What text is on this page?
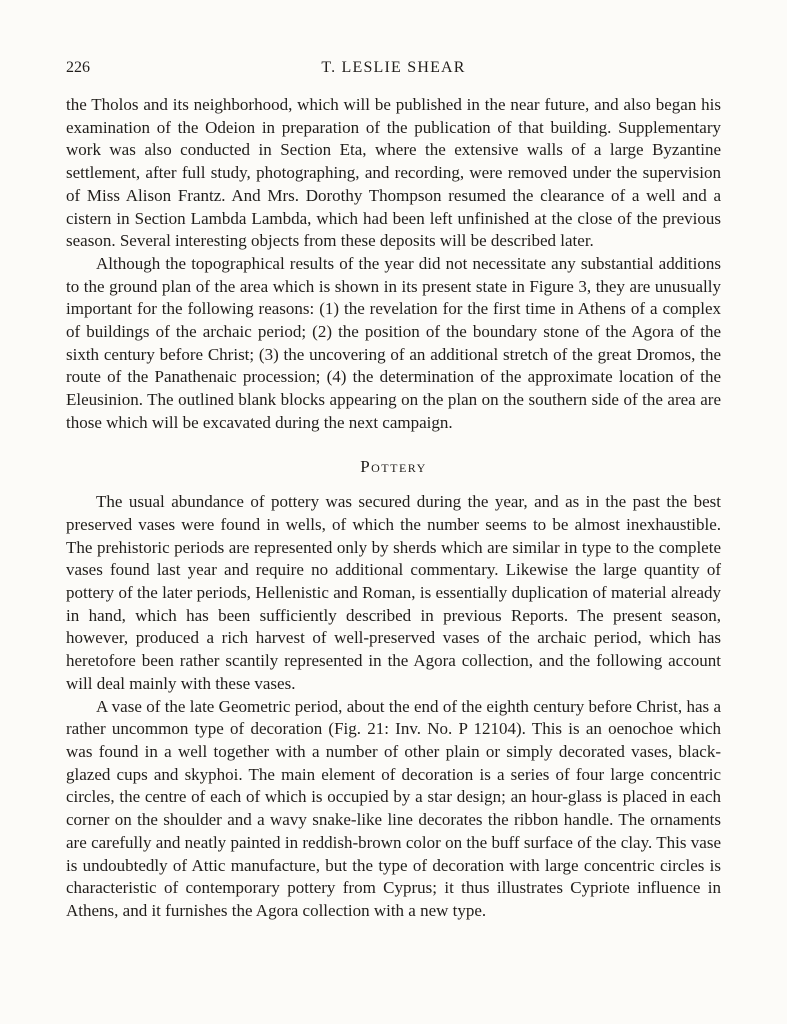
226	T. LESLIE SHEAR

the Tholos and its neighborhood, which will be published in the near future, and also began his examination of the Odeion in preparation of the publication of that building. Supplementary work was also conducted in Section Eta, where the extensive walls of a large Byzantine settlement, after full study, photographing, and recording, were removed under the supervision of Miss Alison Frantz. And Mrs. Dorothy Thompson resumed the clearance of a well and a cistern in Section Lambda Lambda, which had been left unfinished at the close of the previous season. Several interesting objects from these deposits will be described later.

Although the topographical results of the year did not necessitate any substantial additions to the ground plan of the area which is shown in its present state in Figure 3, they are unusually important for the following reasons: (1) the revelation for the first time in Athens of a complex of buildings of the archaic period; (2) the position of the boundary stone of the Agora of the sixth century before Christ; (3) the uncovering of an additional stretch of the great Dromos, the route of the Panathenaic procession; (4) the determination of the approximate location of the Eleusinion. The outlined blank blocks appearing on the plan on the southern side of the area are those which will be excavated during the next campaign.

Pottery

The usual abundance of pottery was secured during the year, and as in the past the best preserved vases were found in wells, of which the number seems to be almost inexhaustible. The prehistoric periods are represented only by sherds which are similar in type to the complete vases found last year and require no additional commentary. Likewise the large quantity of pottery of the later periods, Hellenistic and Roman, is essentially duplication of material already in hand, which has been sufficiently described in previous Reports. The present season, however, produced a rich harvest of well-preserved vases of the archaic period, which has heretofore been rather scantily represented in the Agora collection, and the following account will deal mainly with these vases.

A vase of the late Geometric period, about the end of the eighth century before Christ, has a rather uncommon type of decoration (Fig. 21: Inv. No. P 12104). This is an oenochoe which was found in a well together with a number of other plain or simply decorated vases, black-glazed cups and skyphoi. The main element of decoration is a series of four large concentric circles, the centre of each of which is occupied by a star design; an hour-glass is placed in each corner on the shoulder and a wavy snake-like line decorates the ribbon handle. The ornaments are carefully and neatly painted in reddish-brown color on the buff surface of the clay. This vase is undoubtedly of Attic manufacture, but the type of decoration with large concentric circles is characteristic of contemporary pottery from Cyprus; it thus illustrates Cypriote influence in Athens, and it furnishes the Agora collection with a new type.
